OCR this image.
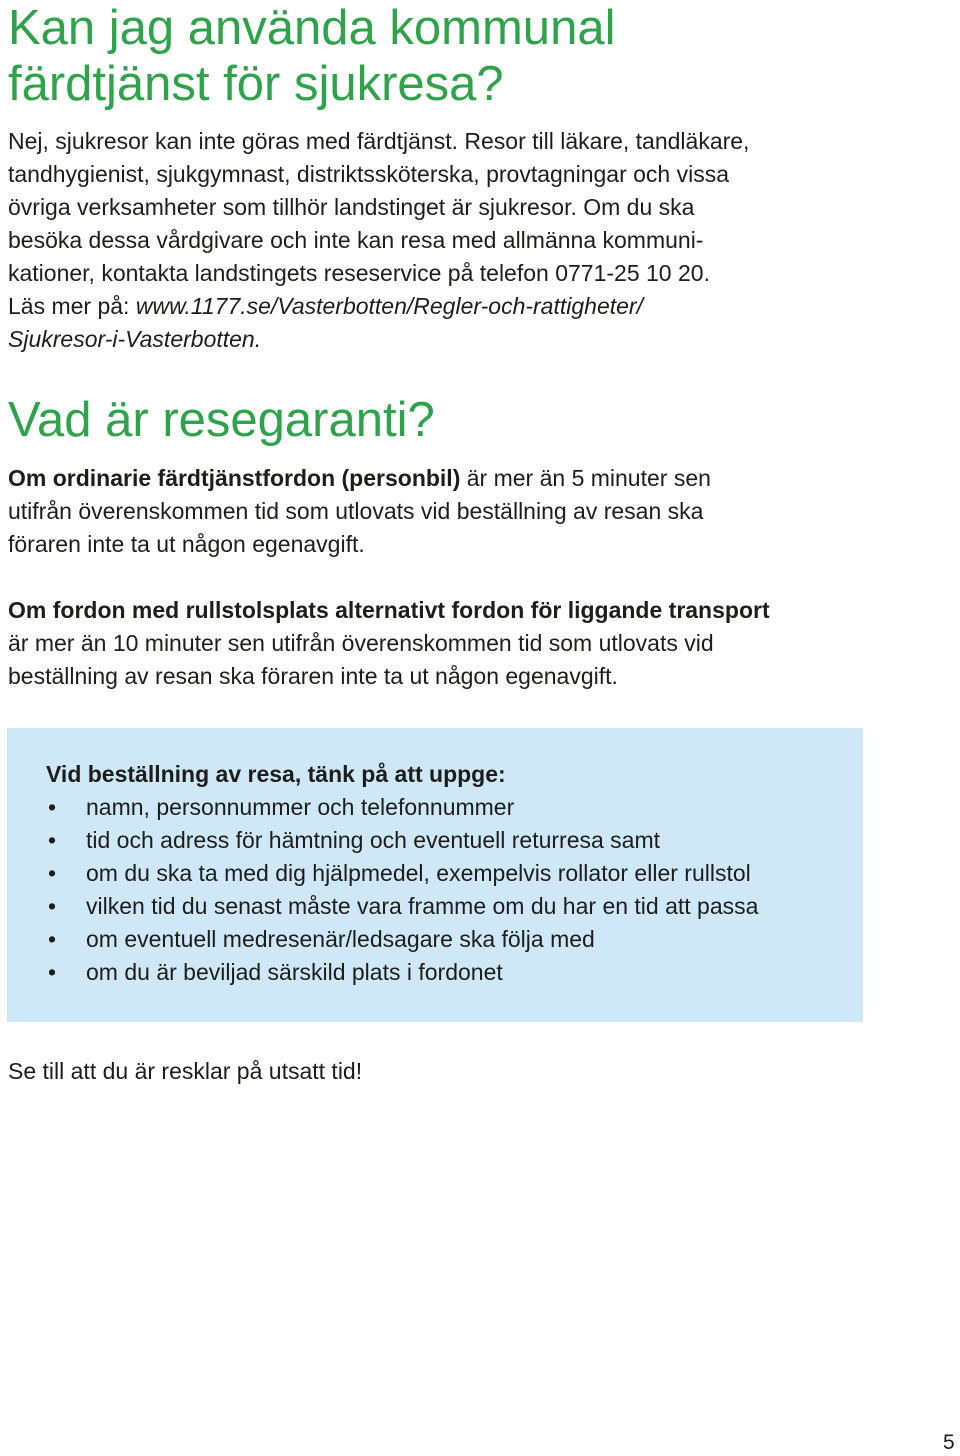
Kan jag använda kommunal
färdtjänst för sjukresa?

Nej, sjukresor kan inte göras med färdtjänst. Resor till läkare, tandläkare,
tandhygienist, sjukgymnast, distriktssköterska, provtagningar och vissa
övriga verksamheter som tillhör landstinget är sjukresor. Om du ska
besöka dessa vårdgivare och inte kan resa med allmänna kommuni-
kationer, kontakta landstingets reseservice på telefon 0771-25 10 20.
Läs mer på: www.1177.se/Vasterbotten/Regler-och-rattigheter/
Sjukresor-i-Vasterbotten.

Vad är resegaranti?

Om ordinarie färdtjänstfordon (personbil) är mer än 5 minuter sen
utifrån överenskommen tid som utlovats vid beställning av resan ska
föraren inte ta ut någon egenavgift.

Om fordon med rullstolsplats alternativt fordon för liggande transport
är mer än 10 minuter sen utifrån överenskommen tid som utlovats vid
beställning av resan ska föraren inte ta ut någon egenavgift.

Vid beställning av resa, tänk på att uppge:

• namn, personnummer och telefonnummer
• tid och adress för hämtning och eventuell returresa samt
• om du ska ta med dig hjälpmedel, exempelvis rollator eller rullstol
• vilken tid du senast måste vara framme om du har en tid att passa
• om eventuell medresenär/ledsagare ska följa med
• om du är beviljad särskild plats i fordonet

Se till att du är resklar på utsatt tid!

5
